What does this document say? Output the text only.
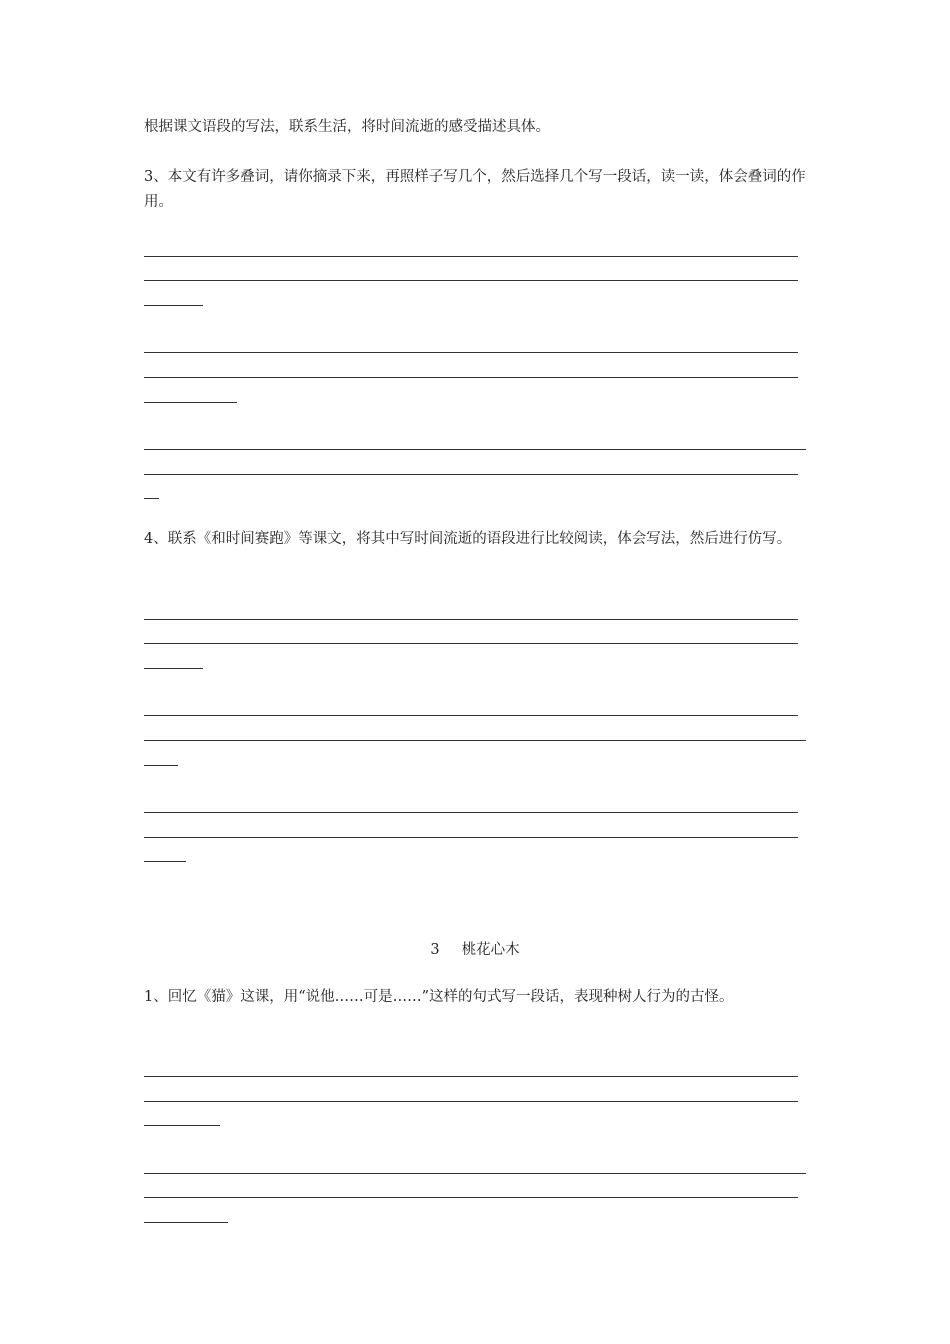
根据课文语段的写法，联系生活，将时间流逝的感受描述具体。

3、本文有许多叠词，请你摘录下来，再照样子写几个，然后选择几个写一段话，读一读，体会叠词的作用。

4、联系《和时间赛跑》等课文，将其中写时间流逝的语段进行比较阅读，体会写法，然后进行仿写。

3 桃花心木

1、回忆《猫》这课，用“说他……可是……”这样的句式写一段话，表现种树人行为的古怪。
